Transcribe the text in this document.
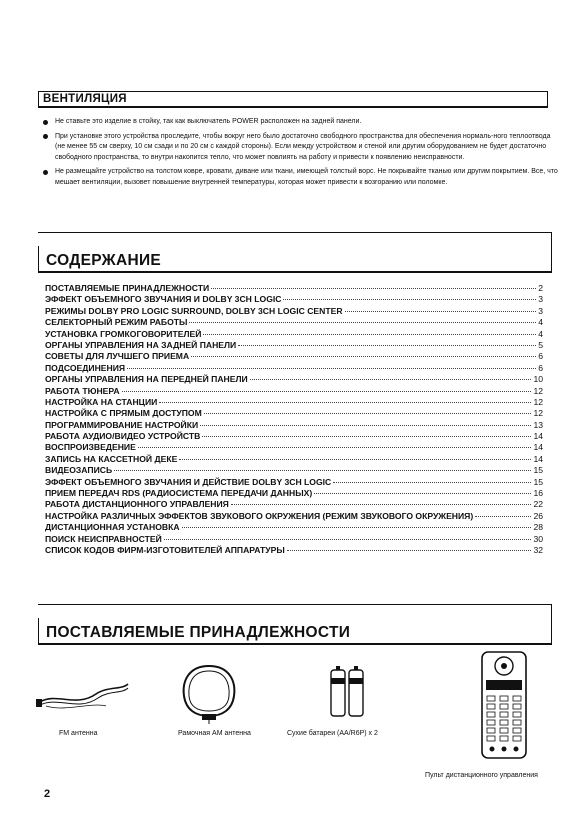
ВЕНТИЛЯЦИЯ
Не ставьте это изделие в стойку, так как выключатель POWER расположен на задней панели.
При установке этого устройства проследите, чтобы вокруг него было достаточно свободного пространства для обеспечения нормаль-ного теплоотвода (не менее 55 см сверху, 10 см сзади и по 20 см с каждой стороны). Если между устройством и стеной или другим оборудованием не будет достаточно свободного пространства, то внутри накопится тепло, что может повлиять на работу и привести к появлению неисправности.
Не размещайте устройство на толстом ковре, кровати, диване или ткани, имеющей толстый ворс. Не покрывайте тканью или другим покрытием. Все, что мешает вентиляции, вызовет повышение внутренней температуры, которая может привести к возгоранию или поломке.
СОДЕРЖАНИЕ
ПОСТАВЛЯЕМЫЕ ПРИНАДЛЕЖНОСТИ	2
ЭФФЕКТ ОБЪЕМНОГО ЗВУЧАНИЯ И DOLBY 3CH LOGIC	3
РЕЖИМЫ DOLBY PRO LOGIC SURROUND, DOLBY 3CH LOGIC CENTER	3
СЕЛЕКТОРНЫЙ РЕЖИМ РАБОТЫ	4
УСТАНОВКА ГРОМКОГОВОРИТЕЛЕЙ	4
ОРГАНЫ УПРАВЛЕНИЯ НА ЗАДНЕЙ ПАНЕЛИ	5
СОВЕТЫ ДЛЯ ЛУЧШЕГО ПРИЕМА	6
ПОДСОЕДИНЕНИЯ	6
ОРГАНЫ УПРАВЛЕНИЯ НА ПЕРЕДНЕЙ ПАНЕЛИ	10
РАБОТА ТЮНЕРА	12
НАСТРОЙКА НА СТАНЦИИ	12
НАСТРОЙКА С ПРЯМЫМ ДОСТУПОМ	12
ПРОГРАММИРОВАНИЕ НАСТРОЙКИ	13
РАБОТА АУДИО/ВИДЕО УСТРОЙСТВ	14
ВОСПРОИЗВЕДЕНИЕ	14
ЗАПИСЬ НА КАССЕТНОЙ ДЕКЕ	14
ВИДЕОЗАПИСЬ	15
ЭФФЕКТ ОБЪЕМНОГО ЗВУЧАНИЯ И ДЕЙСТВИЕ DOLBY 3CH LOGIC	15
ПРИЕМ ПЕРЕДАЧ RDS (РАДИОСИСТЕМА ПЕРЕДАЧИ ДАННЫХ)	16
РАБОТА ДИСТАНЦИОННОГО УПРАВЛЕНИЯ	22
НАСТРОЙКА РАЗЛИЧНЫХ ЭФФЕКТОВ ЗВУКОВОГО ОКРУЖЕНИЯ (РЕЖИМ ЗВУКОВОГО ОКРУЖЕНИЯ)	26
ДИСТАНЦИОННАЯ УСТАНОВКА	28
ПОИСК НЕИСПРАВНОСТЕЙ	30
СПИСОК КОДОВ ФИРМ-ИЗГОТОВИТЕЛЕЙ АППАРАТУРЫ	32
ПОСТАВЛЯЕМЫЕ ПРИНАДЛЕЖНОСТИ
FM антенна	Рамочная АМ антенна	Сухие батареи (АА/R6P) х 2
Пульт дистанционного управления
2
